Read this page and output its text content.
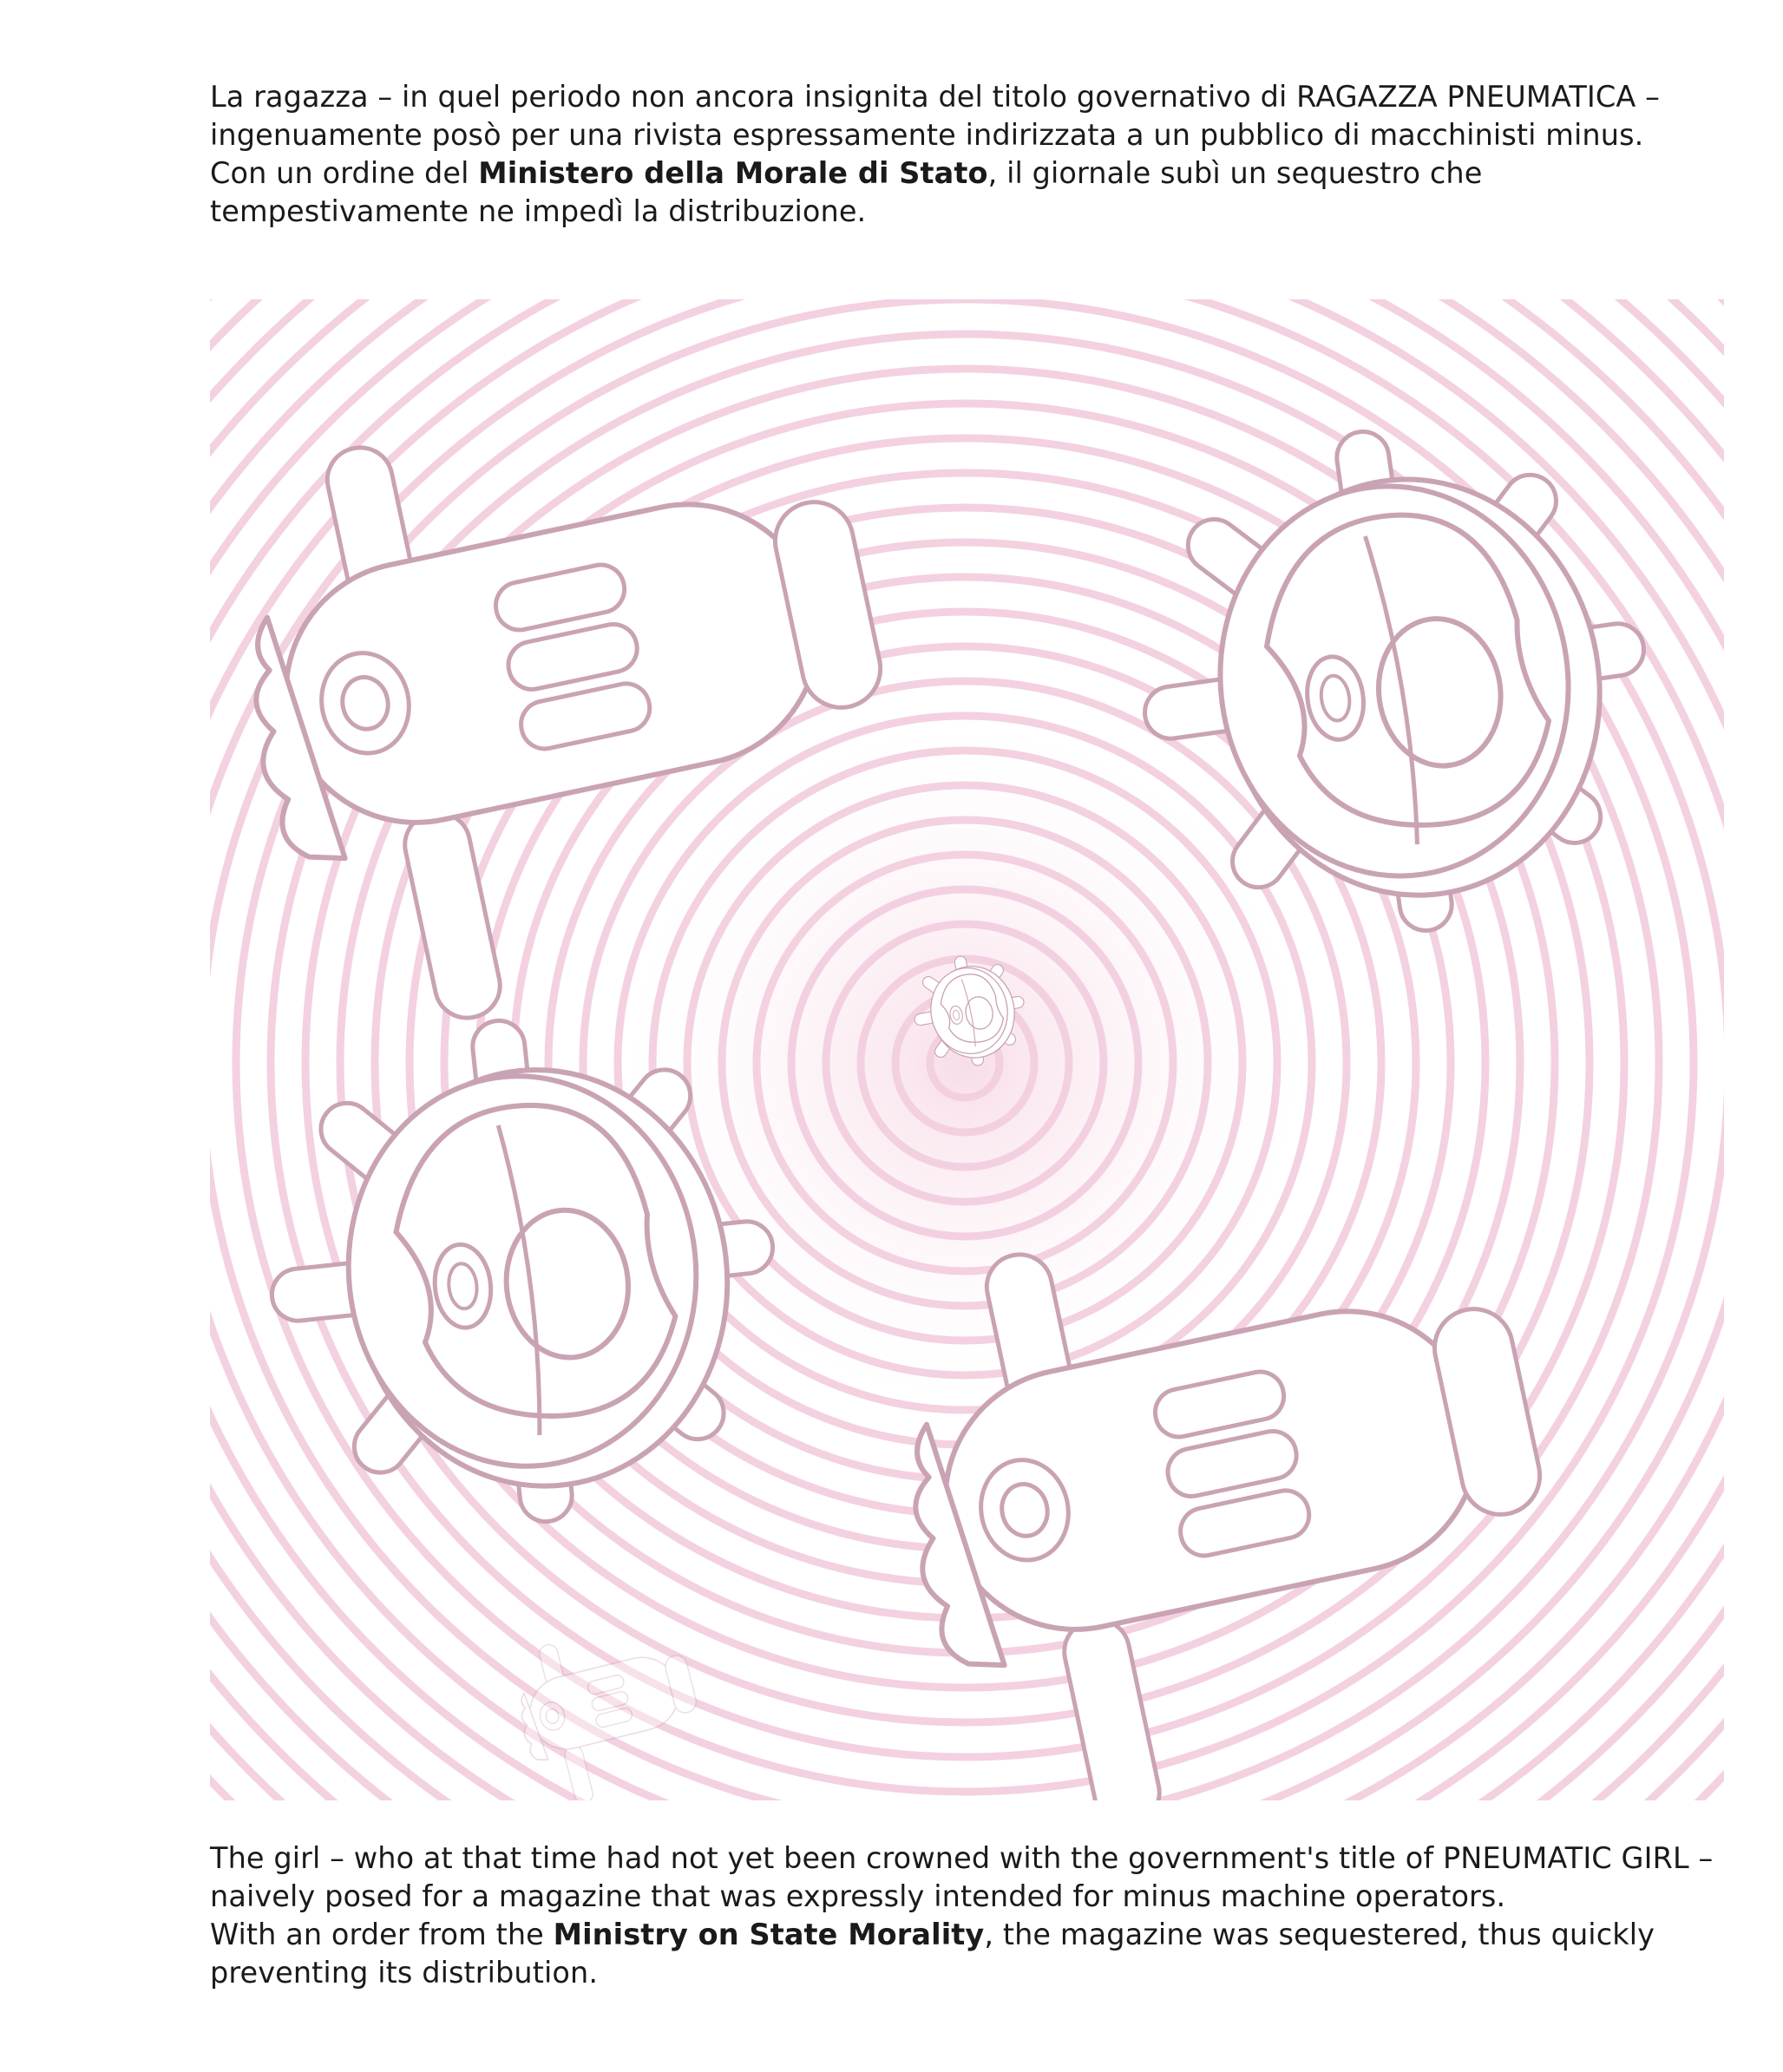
La ragazza – in quel periodo non ancora insignita del titolo governativo di RAGAZZA PNEUMATICA – ingenuamente posò per una rivista espressamente indirizzata a un pubblico di macchinisti minus.

Con un ordine del Ministero della Morale di Stato, il giornale subì un sequestro che tempestivamente ne impedì la distribuzione.

The girl – who at that time had not yet been crowned with the government's title of PNEUMATIC GIRL – naively posed for a magazine that was expressly intended for minus machine operators.

With an order from the Ministry on State Morality, the magazine was sequestered, thus quickly preventing its distribution.
